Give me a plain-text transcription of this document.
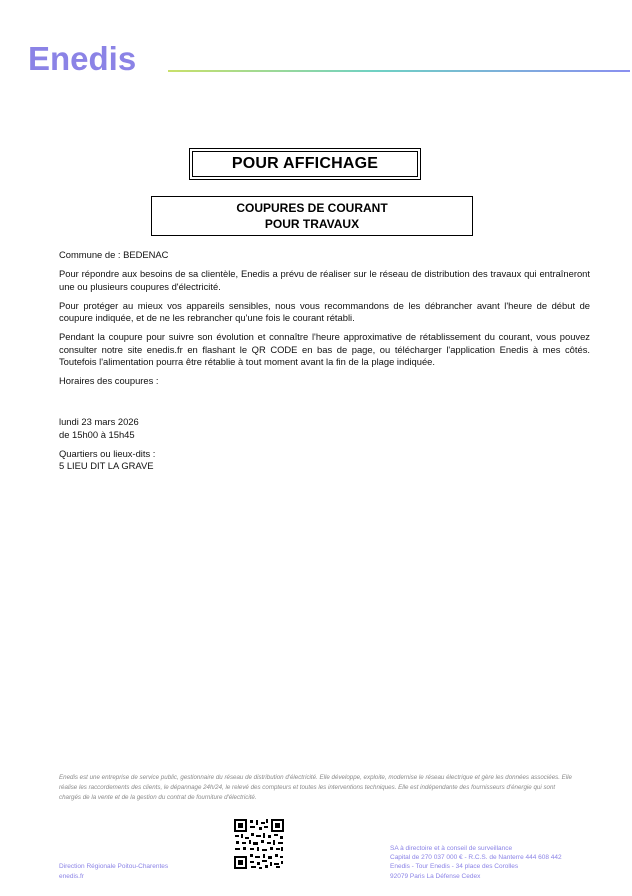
Enedis
POUR AFFICHAGE
COUPURES DE COURANT
POUR TRAVAUX

Commune de : BEDENAC

Pour répondre aux besoins de sa clientèle, Enedis a prévu de réaliser sur le réseau de distribution des travaux qui entraîneront une ou plusieurs coupures d'électricité.

Pour protéger au mieux vos appareils sensibles, nous vous recommandons de les débrancher avant l'heure de début de coupure indiquée, et de ne les rebrancher qu'une fois le courant rétabli.

Pendant la coupure pour suivre son évolution et connaître l'heure approximative de rétablissement du courant, vous pouvez consulter notre site enedis.fr en flashant le QR CODE en bas de page, ou télécharger l'application Enedis à mes côtés. Toutefois l'alimentation pourra être rétablie à tout moment avant la fin de la plage indiquée.

Horaires des coupures :

lundi 23 mars 2026

de 15h00 à 15h45

Quartiers ou lieux-dits :

5 LIEU DIT LA GRAVE

Enedis est une entreprise de service public, gestionnaire du réseau de distribution d'électricité. Elle développe, exploite, modernise le réseau électrique et gère les données associées. Elle réalise les raccordements des clients, le dépannage 24h/24, le relevé des compteurs et toutes les interventions techniques. Elle est indépendante des fournisseurs d'énergie qui sont chargés de la vente et de la gestion du contrat de fourniture d'électricité.
Direction Régionale Poitou-Charentes
enedis.fr
SA à directoire et à conseil de surveillance
Capital de 270 037 000 € - R.C.S. de Nanterre 444 608 442
Enedis - Tour Enedis - 34 place des Corolles
92079 Paris La Défense Cedex
